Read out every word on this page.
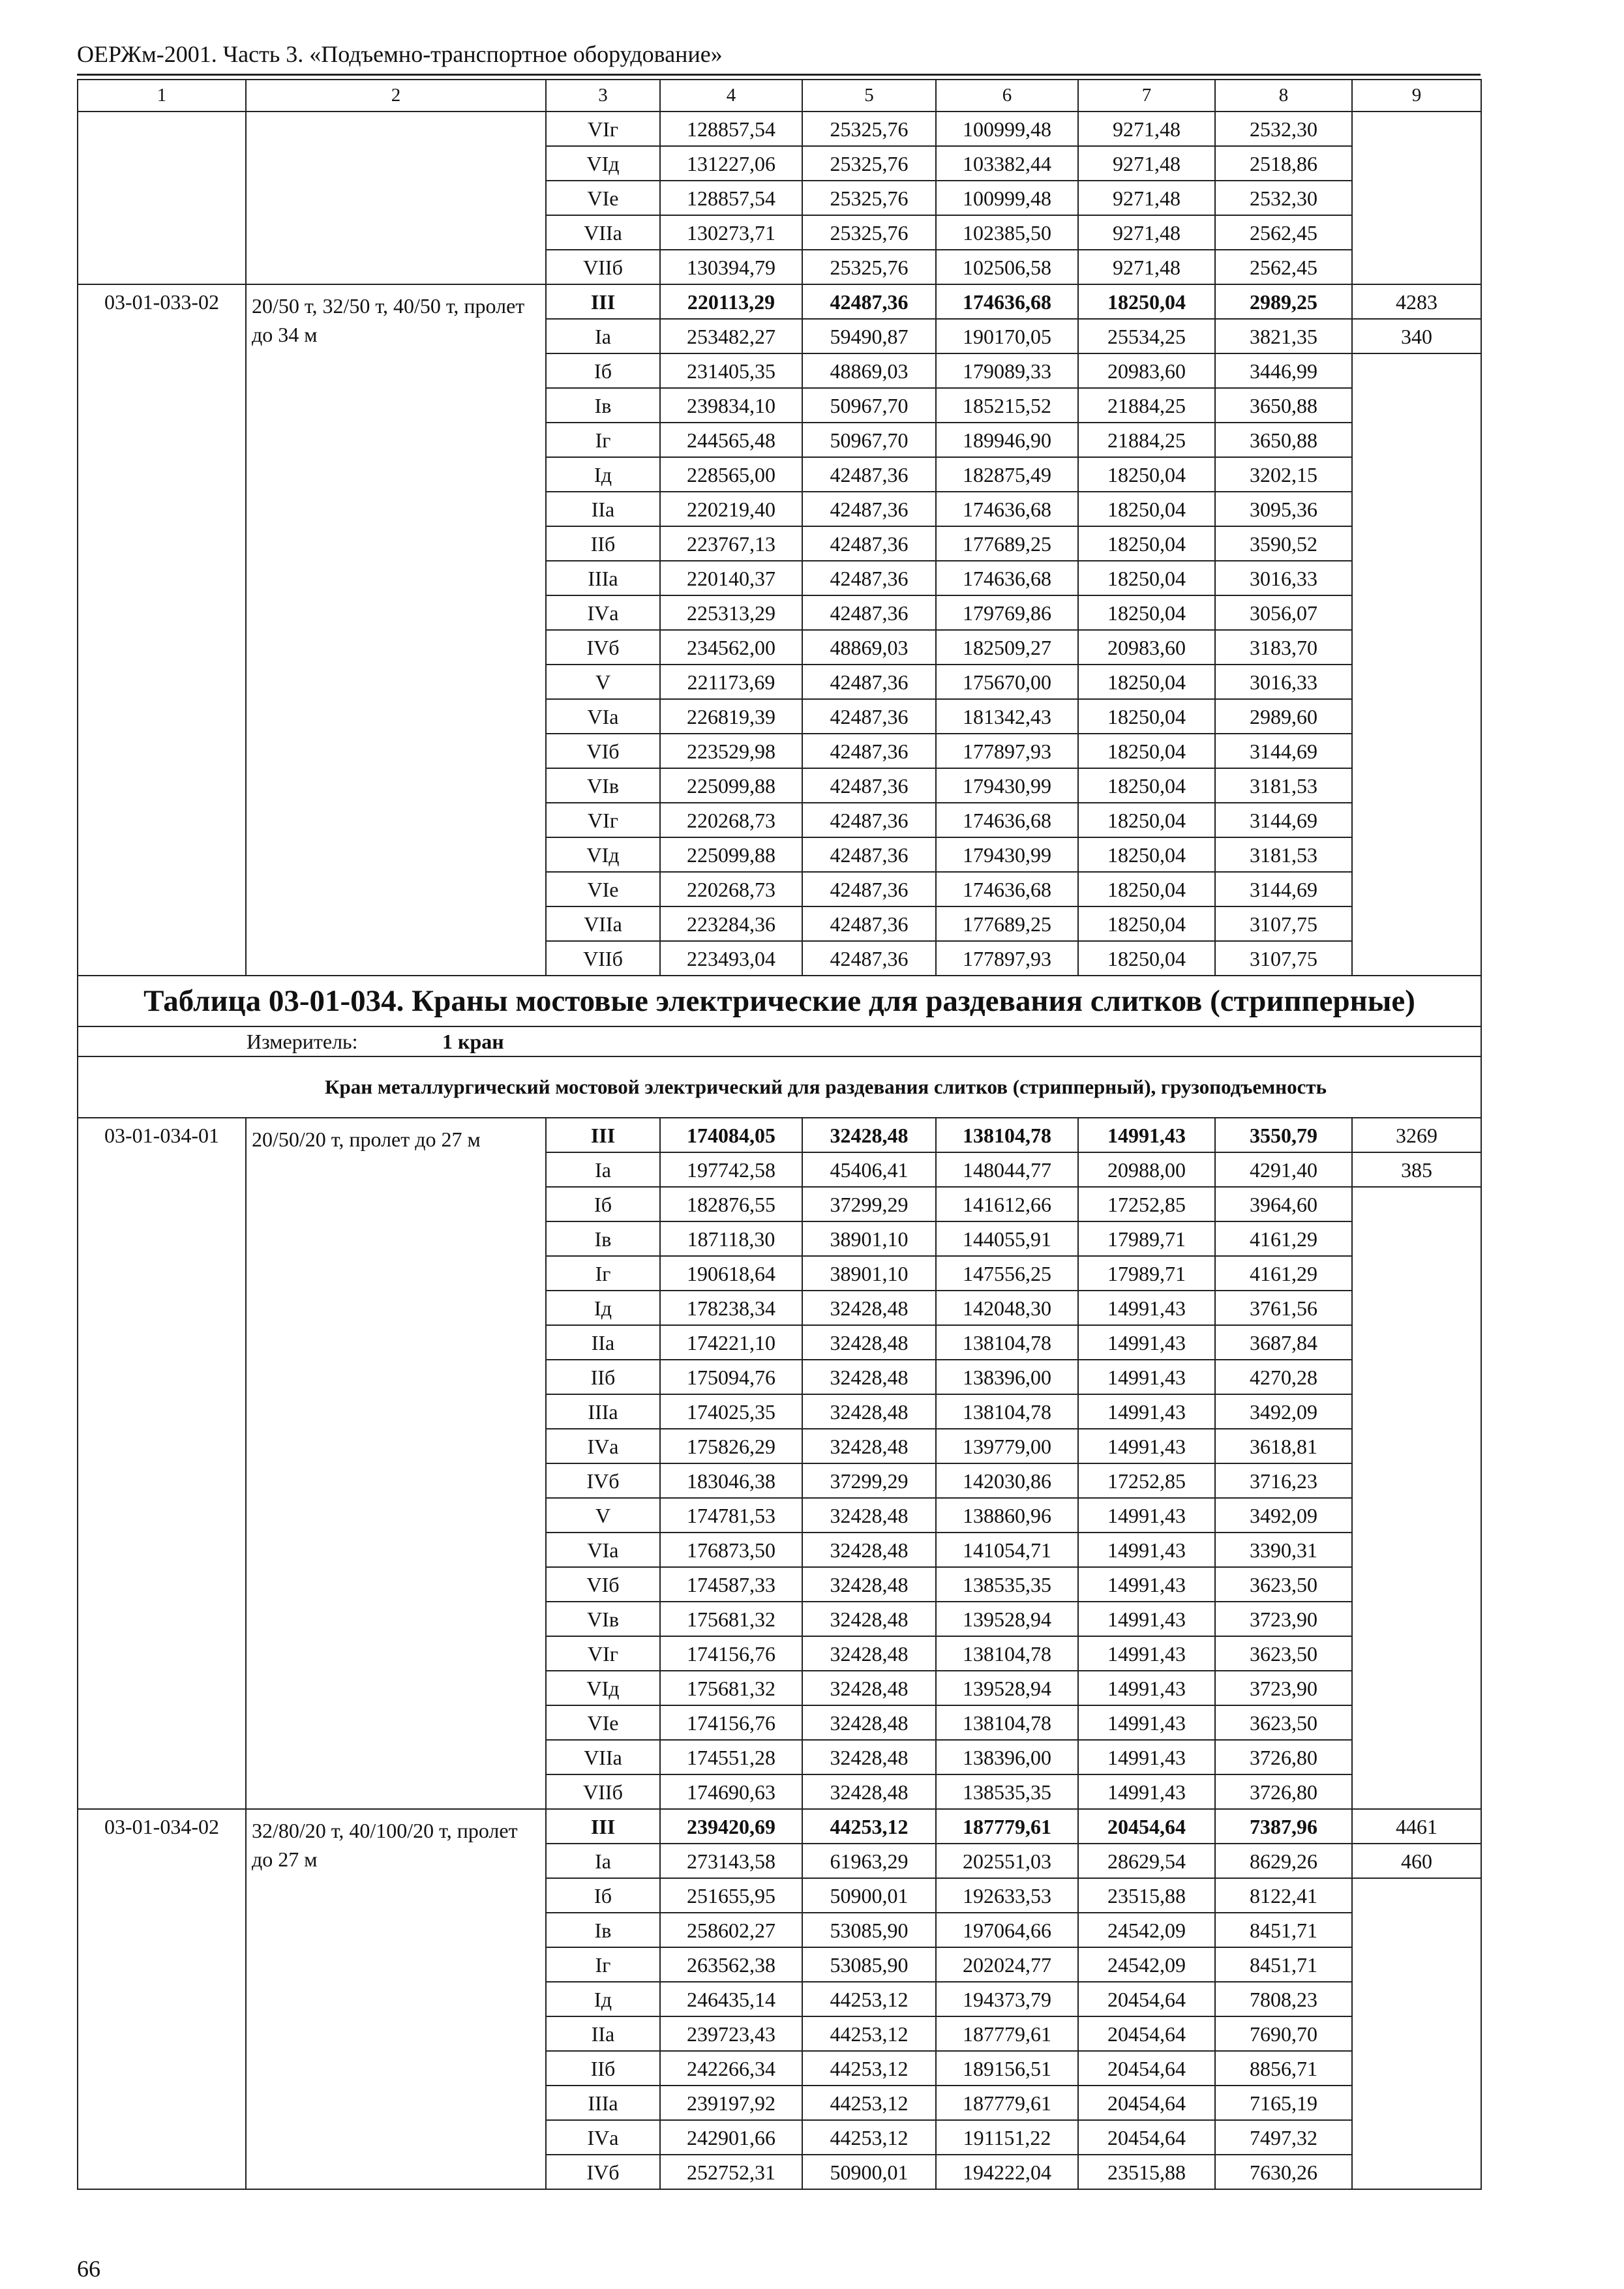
ОЕРЖм-2001. Часть 3. «Подъемно-транспортное оборудование»
1	2	3	4	5	6	7	8	9
		VIг	128857,54	25325,76	100999,48	9271,48	2532,30	
		VIд	131227,06	25325,76	103382,44	9271,48	2518,86	
		VIе	128857,54	25325,76	100999,48	9271,48	2532,30	
		VIIа	130273,71	25325,76	102385,50	9271,48	2562,45	
		VIIб	130394,79	25325,76	102506,58	9271,48	2562,45	
03-01-033-02	20/50 т, 32/50 т, 40/50 т, пролет до 34 м	III	220113,29	42487,36	174636,68	18250,04	2989,25	4283
		Iа	253482,27	59490,87	190170,05	25534,25	3821,35	340
		Iб	231405,35	48869,03	179089,33	20983,60	3446,99	
		Iв	239834,10	50967,70	185215,52	21884,25	3650,88	
		Iг	244565,48	50967,70	189946,90	21884,25	3650,88	
		Iд	228565,00	42487,36	182875,49	18250,04	3202,15	
		IIа	220219,40	42487,36	174636,68	18250,04	3095,36	
		IIб	223767,13	42487,36	177689,25	18250,04	3590,52	
		IIIа	220140,37	42487,36	174636,68	18250,04	3016,33	
		IVа	225313,29	42487,36	179769,86	18250,04	3056,07	
		IVб	234562,00	48869,03	182509,27	20983,60	3183,70	
		V	221173,69	42487,36	175670,00	18250,04	3016,33	
		VIа	226819,39	42487,36	181342,43	18250,04	2989,60	
		VIб	223529,98	42487,36	177897,93	18250,04	3144,69	
		VIв	225099,88	42487,36	179430,99	18250,04	3181,53	
		VIг	220268,73	42487,36	174636,68	18250,04	3144,69	
		VIд	225099,88	42487,36	179430,99	18250,04	3181,53	
		VIе	220268,73	42487,36	174636,68	18250,04	3144,69	
		VIIа	223284,36	42487,36	177689,25	18250,04	3107,75	
		VIIб	223493,04	42487,36	177897,93	18250,04	3107,75	
Таблица 03-01-034. Краны мостовые электрические для раздевания слитков (стрипперные)								
Измеритель: 1 кран								
Кран металлургический мостовой электрический для раздевания слитков (стрипперный), грузоподъемность								
03-01-034-01	20/50/20 т, пролет до 27 м	III	174084,05	32428,48	138104,78	14991,43	3550,79	3269
		Iа	197742,58	45406,41	148044,77	20988,00	4291,40	385
		Iб	182876,55	37299,29	141612,66	17252,85	3964,60	
		Iв	187118,30	38901,10	144055,91	17989,71	4161,29	
		Iг	190618,64	38901,10	147556,25	17989,71	4161,29	
		Iд	178238,34	32428,48	142048,30	14991,43	3761,56	
		IIа	174221,10	32428,48	138104,78	14991,43	3687,84	
		IIб	175094,76	32428,48	138396,00	14991,43	4270,28	
		IIIа	174025,35	32428,48	138104,78	14991,43	3492,09	
		IVа	175826,29	32428,48	139779,00	14991,43	3618,81	
		IVб	183046,38	37299,29	142030,86	17252,85	3716,23	
		V	174781,53	32428,48	138860,96	14991,43	3492,09	
		VIа	176873,50	32428,48	141054,71	14991,43	3390,31	
		VIб	174587,33	32428,48	138535,35	14991,43	3623,50	
		VIв	175681,32	32428,48	139528,94	14991,43	3723,90	
		VIг	174156,76	32428,48	138104,78	14991,43	3623,50	
		VIд	175681,32	32428,48	139528,94	14991,43	3723,90	
		VIе	174156,76	32428,48	138104,78	14991,43	3623,50	
		VIIа	174551,28	32428,48	138396,00	14991,43	3726,80	
		VIIб	174690,63	32428,48	138535,35	14991,43	3726,80	
03-01-034-02	32/80/20 т, 40/100/20 т, пролет до 27 м	III	239420,69	44253,12	187779,61	20454,64	7387,96	4461
		Iа	273143,58	61963,29	202551,03	28629,54	8629,26	460
		Iб	251655,95	50900,01	192633,53	23515,88	8122,41	
		Iв	258602,27	53085,90	197064,66	24542,09	8451,71	
		Iг	263562,38	53085,90	202024,77	24542,09	8451,71	
		Iд	246435,14	44253,12	194373,79	20454,64	7808,23	
		IIа	239723,43	44253,12	187779,61	20454,64	7690,70	
		IIб	242266,34	44253,12	189156,51	20454,64	8856,71	
		IIIа	239197,92	44253,12	187779,61	20454,64	7165,19	
		IVа	242901,66	44253,12	191151,22	20454,64	7497,32	
		IVб	252752,31	50900,01	194222,04	23515,88	7630,26	
66
